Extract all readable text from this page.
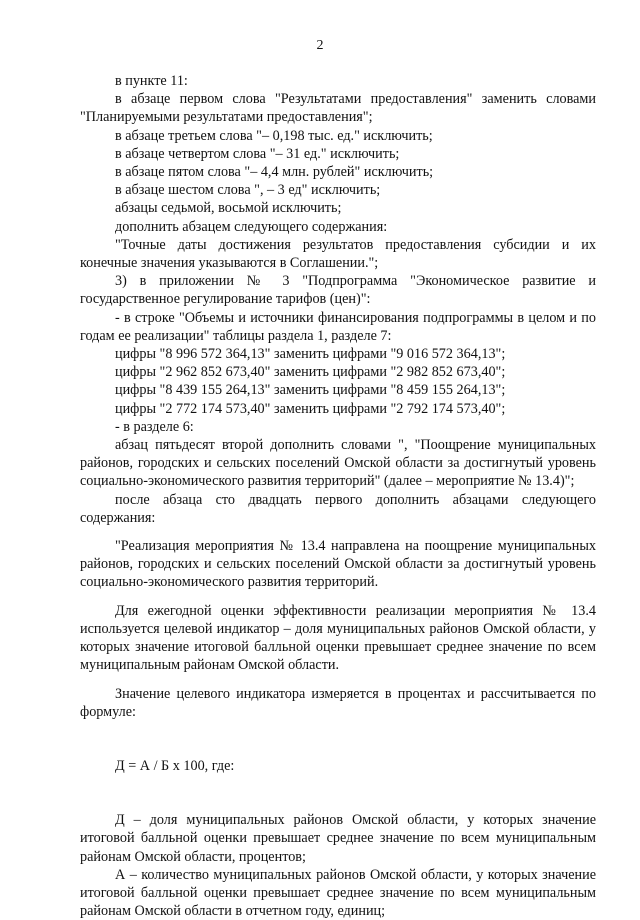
2

в пункте 11:

в абзаце первом слова "Результатами предоставления" заменить словами "Планируемыми результатами предоставления";

в абзаце третьем слова "– 0,198 тыс. ед." исключить;

в абзаце четвертом слова "– 31 ед." исключить;

в абзаце пятом слова "– 4,4 млн. рублей" исключить;

в абзаце шестом слова ", – 3 ед" исключить;

абзацы седьмой, восьмой исключить;

дополнить абзацем следующего содержания:

"Точные даты достижения результатов предоставления субсидии и их конечные значения указываются в Соглашении.";

3) в приложении № 3 "Подпрограмма "Экономическое развитие и государственное регулирование тарифов (цен)":

- в строке "Объемы и источники финансирования подпрограммы в целом и по годам ее реализации" таблицы раздела 1, разделе 7:

цифры "8 996 572 364,13" заменить цифрами "9 016 572 364,13";

цифры "2 962 852 673,40" заменить цифрами "2 982 852 673,40";

цифры "8 439 155 264,13" заменить цифрами "8 459 155 264,13";

цифры "2 772 174 573,40" заменить цифрами "2 792 174 573,40";

- в разделе 6:

абзац пятьдесят второй дополнить словами ", "Поощрение муниципальных районов, городских и сельских поселений Омской области за достигнутый уровень социально-экономического развития территорий" (далее – мероприятие № 13.4)";

после абзаца сто двадцать первого дополнить абзацами следующего содержания:

"Реализация мероприятия № 13.4 направлена на поощрение муниципальных районов, городских и сельских поселений Омской области за достигнутый уровень социально-экономического развития территорий.

Для ежегодной оценки эффективности реализации мероприятия № 13.4 используется целевой индикатор – доля муниципальных районов Омской области, у которых значение итоговой балльной оценки превышает среднее значение по всем муниципальным районам Омской области.

Значение целевого индикатора измеряется в процентах и рассчитывается по формуле:

Д = А / Б х 100, где:

Д – доля муниципальных районов Омской области, у которых значение итоговой балльной оценки превышает среднее значение по всем муниципальным районам Омской области, процентов;

А – количество муниципальных районов Омской области, у которых значение итоговой балльной оценки превышает среднее значение по всем муниципальным районам Омской области в отчетном году, единиц;
